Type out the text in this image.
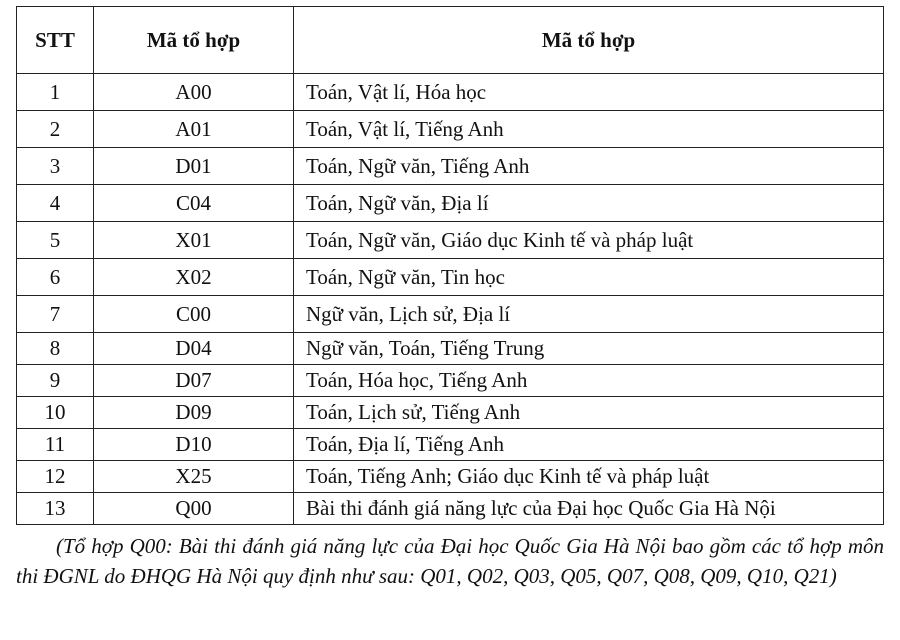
STT	Mã tổ hợp	Mã tổ hợp
1	A00	Toán, Vật lí, Hóa học
2	A01	Toán, Vật lí, Tiếng Anh
3	D01	Toán, Ngữ văn, Tiếng Anh
4	C04	Toán, Ngữ văn, Địa lí
5	X01	Toán, Ngữ văn, Giáo dục Kinh tế và pháp luật
6	X02	Toán, Ngữ văn, Tin học
7	C00	Ngữ văn, Lịch sử, Địa lí
8	D04	Ngữ văn, Toán, Tiếng Trung
9	D07	Toán, Hóa học, Tiếng Anh
10	D09	Toán, Lịch sử, Tiếng Anh
11	D10	Toán, Địa lí, Tiếng Anh
12	X25	Toán, Tiếng Anh; Giáo dục Kinh tế và pháp luật
13	Q00	Bài thi đánh giá năng lực của Đại học Quốc Gia Hà Nội
(Tổ hợp Q00: Bài thi đánh giá năng lực của Đại học Quốc Gia Hà Nội bao gồm các tổ hợp môn thi ĐGNL do ĐHQG Hà Nội quy định như sau: Q01, Q02, Q03, Q05, Q07, Q08, Q09, Q10, Q21)
